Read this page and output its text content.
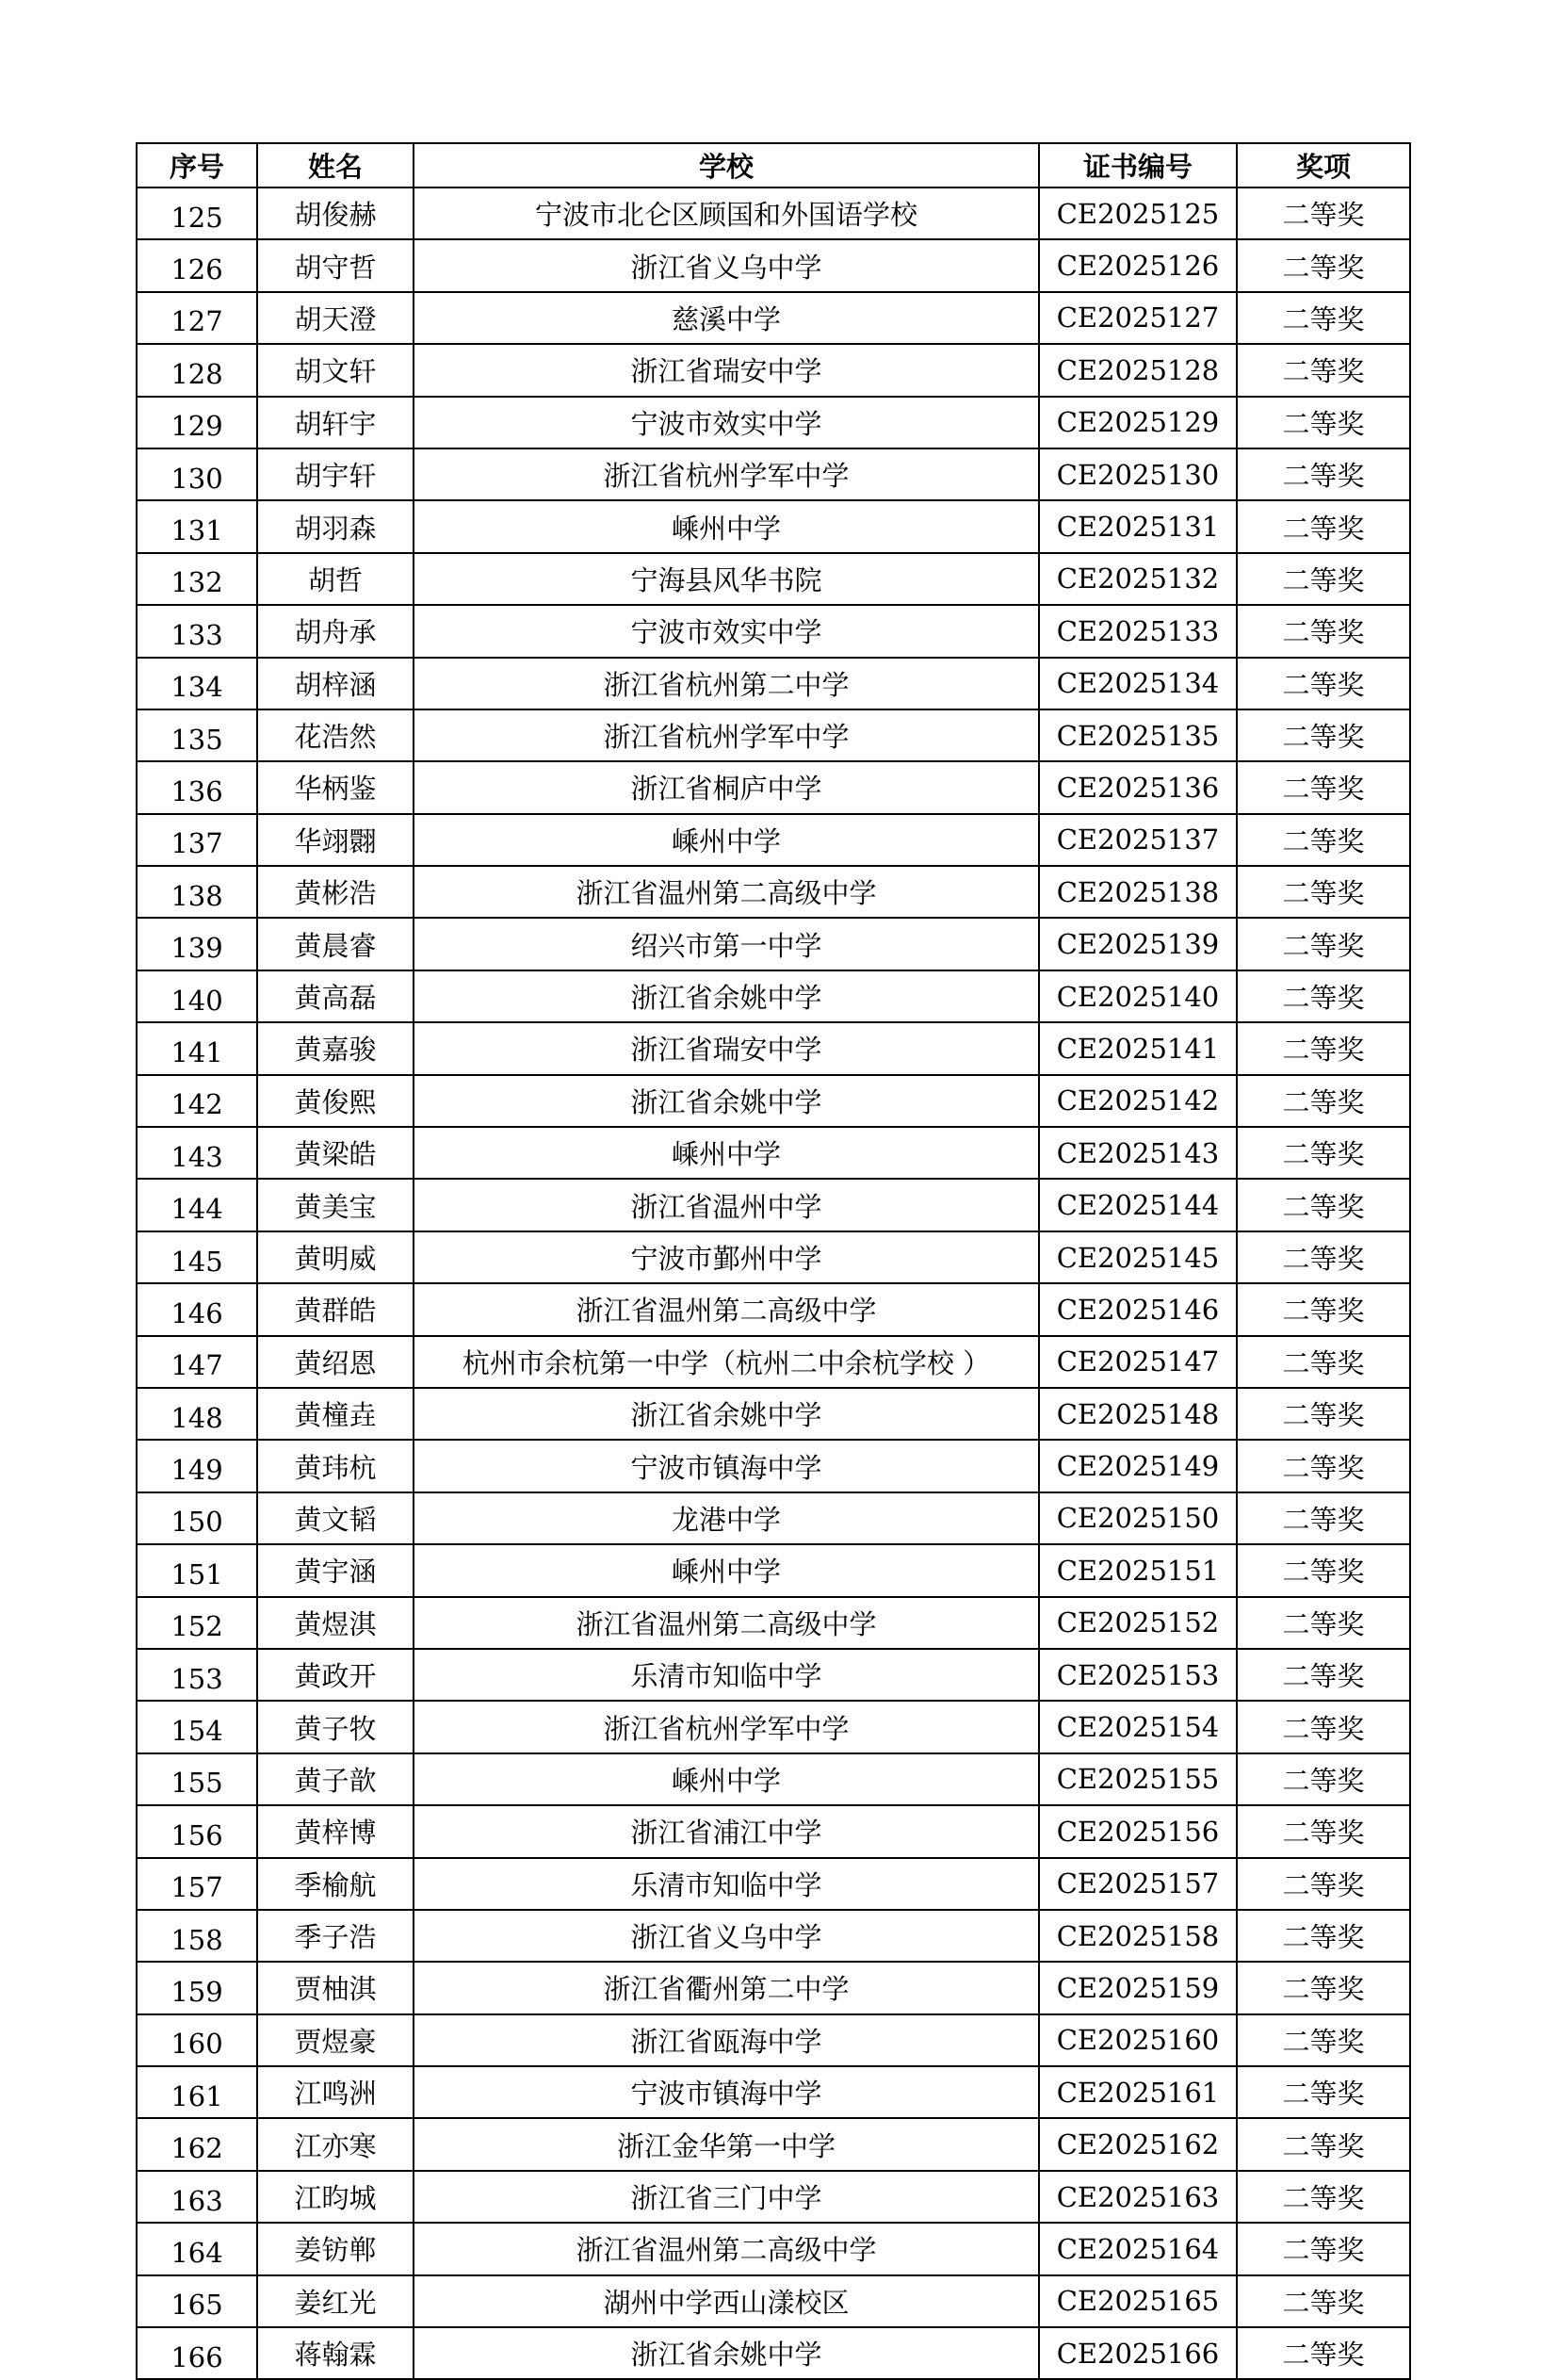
序号	姓名	学校	证书编号	奖项
125	胡俊赫	宁波市北仑区顾国和外国语学校	CE2025125	二等奖
126	胡守哲	浙江省义乌中学	CE2025126	二等奖
127	胡天澄	慈溪中学	CE2025127	二等奖
128	胡文轩	浙江省瑞安中学	CE2025128	二等奖
129	胡轩宇	宁波市效实中学	CE2025129	二等奖
130	胡宇轩	浙江省杭州学军中学	CE2025130	二等奖
131	胡羽森	嵊州中学	CE2025131	二等奖
132	胡哲	宁海县风华书院	CE2025132	二等奖
133	胡舟承	宁波市效实中学	CE2025133	二等奖
134	胡梓涵	浙江省杭州第二中学	CE2025134	二等奖
135	花浩然	浙江省杭州学军中学	CE2025135	二等奖
136	华柄鉴	浙江省桐庐中学	CE2025136	二等奖
137	华翊翾	嵊州中学	CE2025137	二等奖
138	黄彬浩	浙江省温州第二高级中学	CE2025138	二等奖
139	黄晨睿	绍兴市第一中学	CE2025139	二等奖
140	黄高磊	浙江省余姚中学	CE2025140	二等奖
141	黄嘉骏	浙江省瑞安中学	CE2025141	二等奖
142	黄俊熙	浙江省余姚中学	CE2025142	二等奖
143	黄梁皓	嵊州中学	CE2025143	二等奖
144	黄美宝	浙江省温州中学	CE2025144	二等奖
145	黄明威	宁波市鄞州中学	CE2025145	二等奖
146	黄群皓	浙江省温州第二高级中学	CE2025146	二等奖
147	黄绍恩	杭州市余杭第一中学（杭州二中余杭学校 ）	CE2025147	二等奖
148	黄橦垚	浙江省余姚中学	CE2025148	二等奖
149	黄玮杭	宁波市镇海中学	CE2025149	二等奖
150	黄文韬	龙港中学	CE2025150	二等奖
151	黄宇涵	嵊州中学	CE2025151	二等奖
152	黄煜淇	浙江省温州第二高级中学	CE2025152	二等奖
153	黄政开	乐清市知临中学	CE2025153	二等奖
154	黄子牧	浙江省杭州学军中学	CE2025154	二等奖
155	黄子歆	嵊州中学	CE2025155	二等奖
156	黄梓博	浙江省浦江中学	CE2025156	二等奖
157	季榆航	乐清市知临中学	CE2025157	二等奖
158	季子浩	浙江省义乌中学	CE2025158	二等奖
159	贾柚淇	浙江省衢州第二中学	CE2025159	二等奖
160	贾煜豪	浙江省瓯海中学	CE2025160	二等奖
161	江鸣洲	宁波市镇海中学	CE2025161	二等奖
162	江亦寒	浙江金华第一中学	CE2025162	二等奖
163	江昀城	浙江省三门中学	CE2025163	二等奖
164	姜钫郸	浙江省温州第二高级中学	CE2025164	二等奖
165	姜红光	湖州中学西山漾校区	CE2025165	二等奖
166	蒋翰霖	浙江省余姚中学	CE2025166	二等奖
